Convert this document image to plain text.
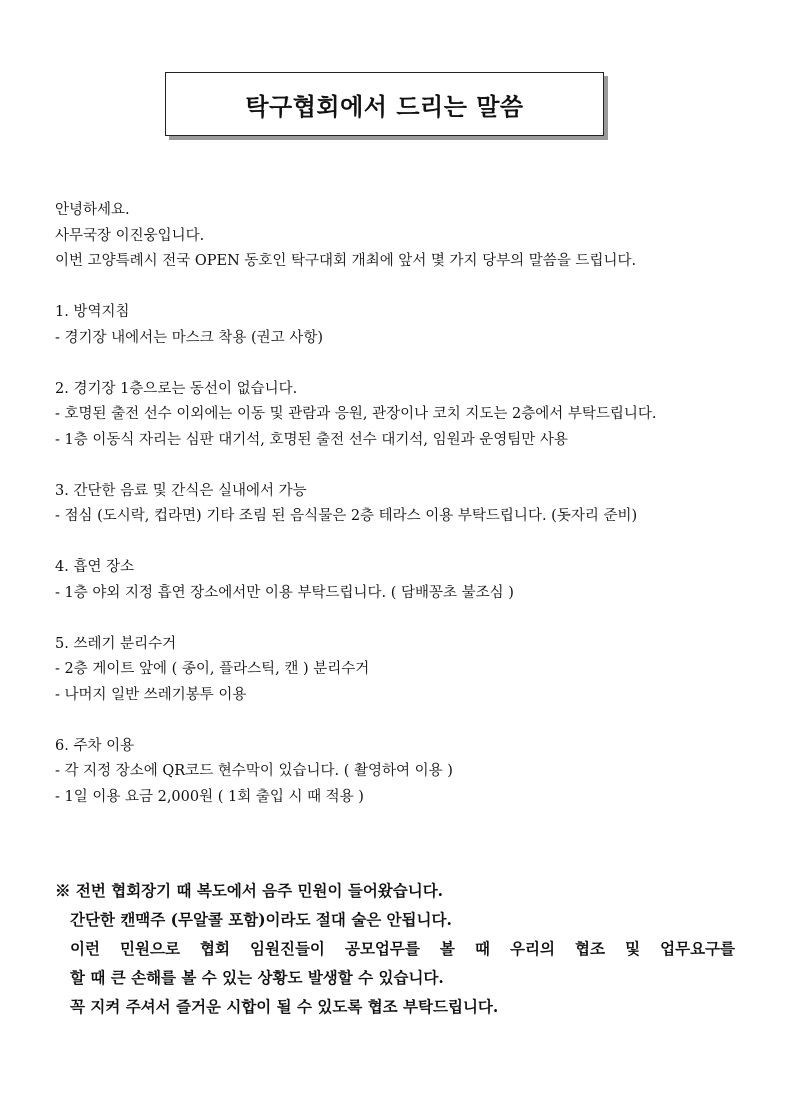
탁구협회에서 드리는 말씀
안녕하세요.
사무국장 이진웅입니다.
이번 고양특례시 전국 OPEN 동호인 탁구대회 개최에 앞서 몇 가지 당부의 말씀을 드립니다.
1. 방역지침
- 경기장 내에서는 마스크 착용 (권고 사항)
2. 경기장 1층으로는 동선이 없습니다.
- 호명된 출전 선수 이외에는 이동 및 관람과 응원, 관장이나 코치 지도는 2층에서 부탁드립니다.
- 1층 이동식 자리는 심판 대기석, 호명된 출전 선수 대기석, 임원과 운영팀만 사용
3. 간단한 음료 및 간식은 실내에서 가능
- 점심 (도시락, 컵라면) 기타 조림 된 음식물은 2층 테라스 이용 부탁드립니다. (돗자리 준비)
4. 흡연 장소
- 1층 야외 지정 흡연 장소에서만 이용 부탁드립니다. ( 담배꽁초 불조심 )
5. 쓰레기 분리수거
- 2층 게이트 앞에 ( 종이, 플라스틱, 캔 ) 분리수거
- 나머지 일반 쓰레기봉투 이용
6. 주차 이용
- 각 지정 장소에 QR코드 현수막이 있습니다. ( 촬영하여 이용 )
- 1일 이용 요금 2,000원 ( 1회 출입 시 때 적용 )
※ 전번 협회장기 때 복도에서 음주 민원이 들어왔습니다.
간단한 캔맥주 (무알콜 포함)이라도 절대 술은 안됩니다.
이런 민원으로 협회 임원진들이 공모업무를 볼 때 우리의 협조 및 업무요구를
할 때 큰 손해를 볼 수 있는 상황도 발생할 수 있습니다.
꼭 지켜 주셔서 즐거운 시합이 될 수 있도록 협조 부탁드립니다.
